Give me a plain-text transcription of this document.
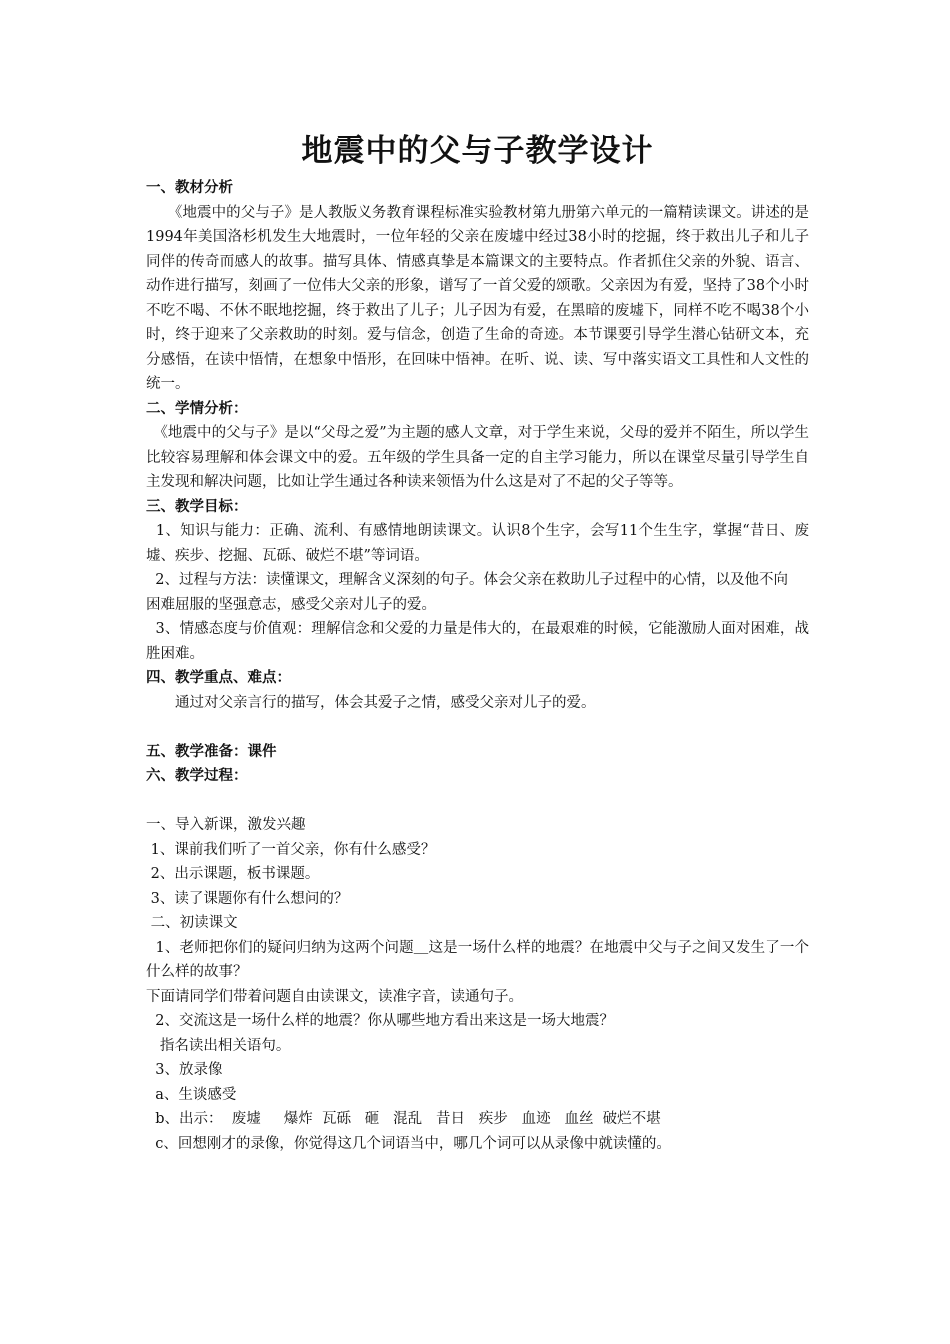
地震中的父与子教学设计
一、教材分析
　　《地震中的父与子》是人教版义务教育课程标准实验教材第九册第六单元的一篇精读课文。讲述的是1994年美国洛杉机发生大地震时，一位年轻的父亲在废墟中经过38小时的挖掘，终于救出儿子和儿子同伴的传奇而感人的故事。描写具体、情感真挚是本篇课文的主要特点。作者抓住父亲的外貌、语言、动作进行描写，刻画了一位伟大父亲的形象，谱写了一首父爱的颂歌。父亲因为有爱，坚持了38个小时不吃不喝、不休不眠地挖掘，终于救出了儿子；儿子因为有爱，在黑暗的废墟下，同样不吃不喝38个小时，终于迎来了父亲救助的时刻。爱与信念，创造了生命的奇迹。本节课要引导学生潜心钻研文本，充分感悟，在读中悟情，在想象中悟形，在回味中悟神。在听、说、读、写中落实语文工具性和人文性的统一。
二、学情分析：
　《地震中的父与子》是以“父母之爱”为主题的感人文章，对于学生来说，父母的爱并不陌生，所以学生比较容易理解和体会课文中的爱。五年级的学生具备一定的自主学习能力，所以在课堂尽量引导学生自主发现和解决问题，比如让学生通过各种读来领悟为什么这是对了不起的父子等等。
三、教学目标：
1、知识与能力：正确、流利、有感情地朗读课文。认识8个生字，会写11个生生字，掌握“昔日、废墟、疾步、挖掘、瓦砾、破烂不堪”等词语。
2、过程与方法：读懂课文，理解含义深刻的句子。体会父亲在救助儿子过程中的心情，以及他不向
困难屈服的坚强意志，感受父亲对儿子的爱。
3、情感态度与价值观：理解信念和父爱的力量是伟大的，在最艰难的时候，它能激励人面对困难，战胜困难。
四、教学重点、难点：
　　通过对父亲言行的描写，体会其爱子之情，感受父亲对儿子的爱。
五、教学准备：课件
六、教学过程：
一、导入新课，激发兴趣
1、课前我们听了一首父亲，你有什么感受？
2、出示课题，板书课题。
3、读了课题你有什么想问的？
二、初读课文
1、老师把你们的疑问归纳为这两个问题＿这是一场什么样的地震？在地震中父与子之间又发生了一个什么样的故事？
下面请同学们带着问题自由读课文，读准字音，读通句子。
2、交流这是一场什么样的地震？你从哪些地方看出来这是一场大地震？
指名读出相关语句。
3、放录像
a、生谈感受
b、出示：  废墟     爆炸  瓦砾   砸   混乱   昔日   疾步   血迹   血丝  破烂不堪
c、回想刚才的录像，你觉得这几个词语当中，哪几个词可以从录像中就读懂的。
